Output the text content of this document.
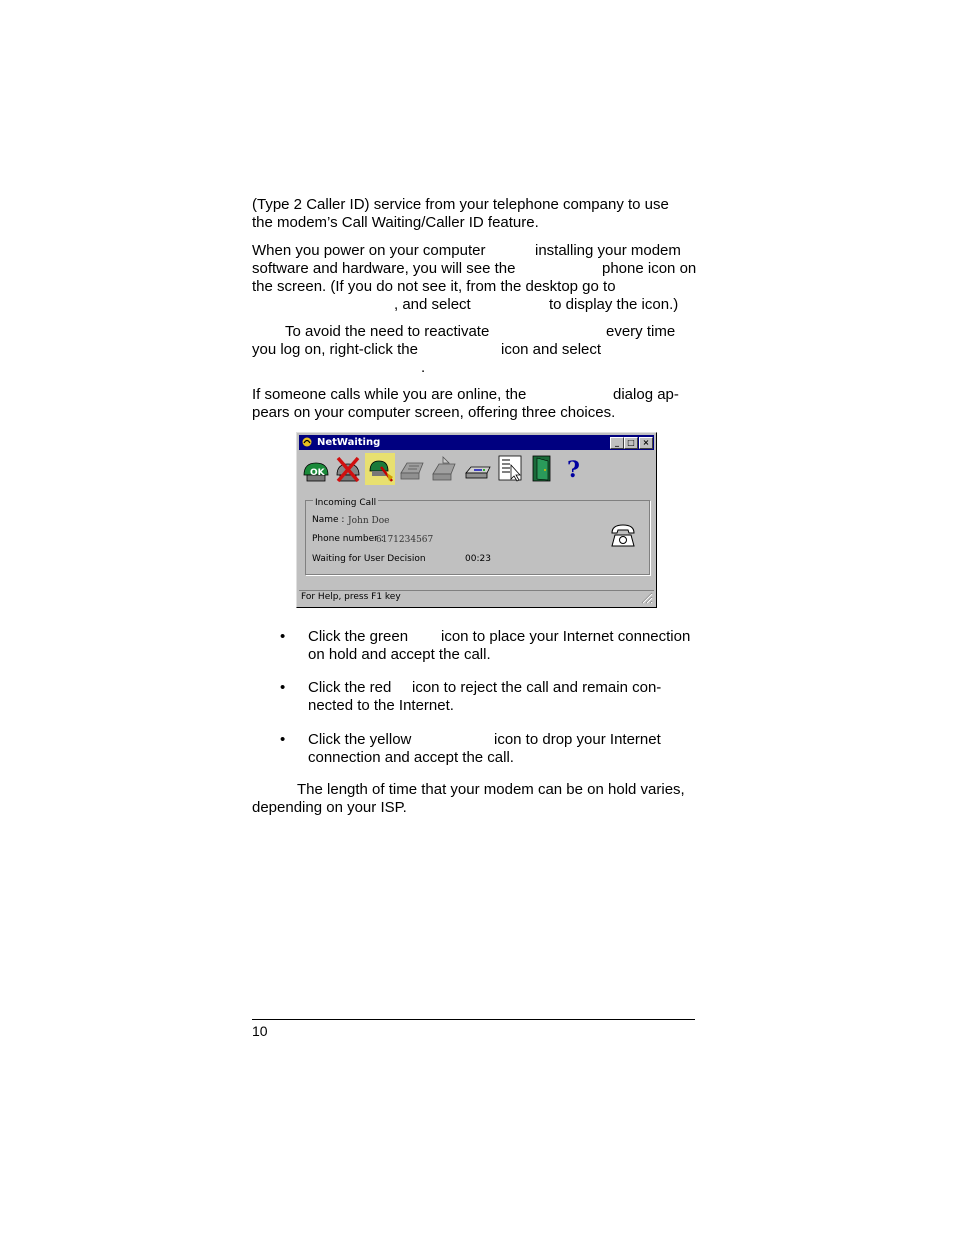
(Type 2 Caller ID) service from your telephone company to use
the modem’s Call Waiting/Caller ID feature.
When you power on your computer	installing your modem
software and hardware, you will see the	phone icon on
the screen. (If you do not see it, from the desktop go to
, and select	to display the icon.)
To avoid the need to reactivate	every time
you log on, right-click the	icon and select
.
If someone calls while you are online, the	dialog ap-
pears on your computer screen, offering three choices.
NetWaiting	_	□ ×
OK	?
Incoming Call
Name : John Doe
Phone number :
6171234567
Waiting for User Decision	00:23
For Help, press F1 key
• Click the green icon to place your Internet connection
on hold and accept the call.
• Click the red icon to reject the call and remain con-
nected to the Internet.
• Click the yellow	icon to drop your Internet
connection and accept the call.
The length of time that your modem can be on hold varies,
depending on your ISP.
10
